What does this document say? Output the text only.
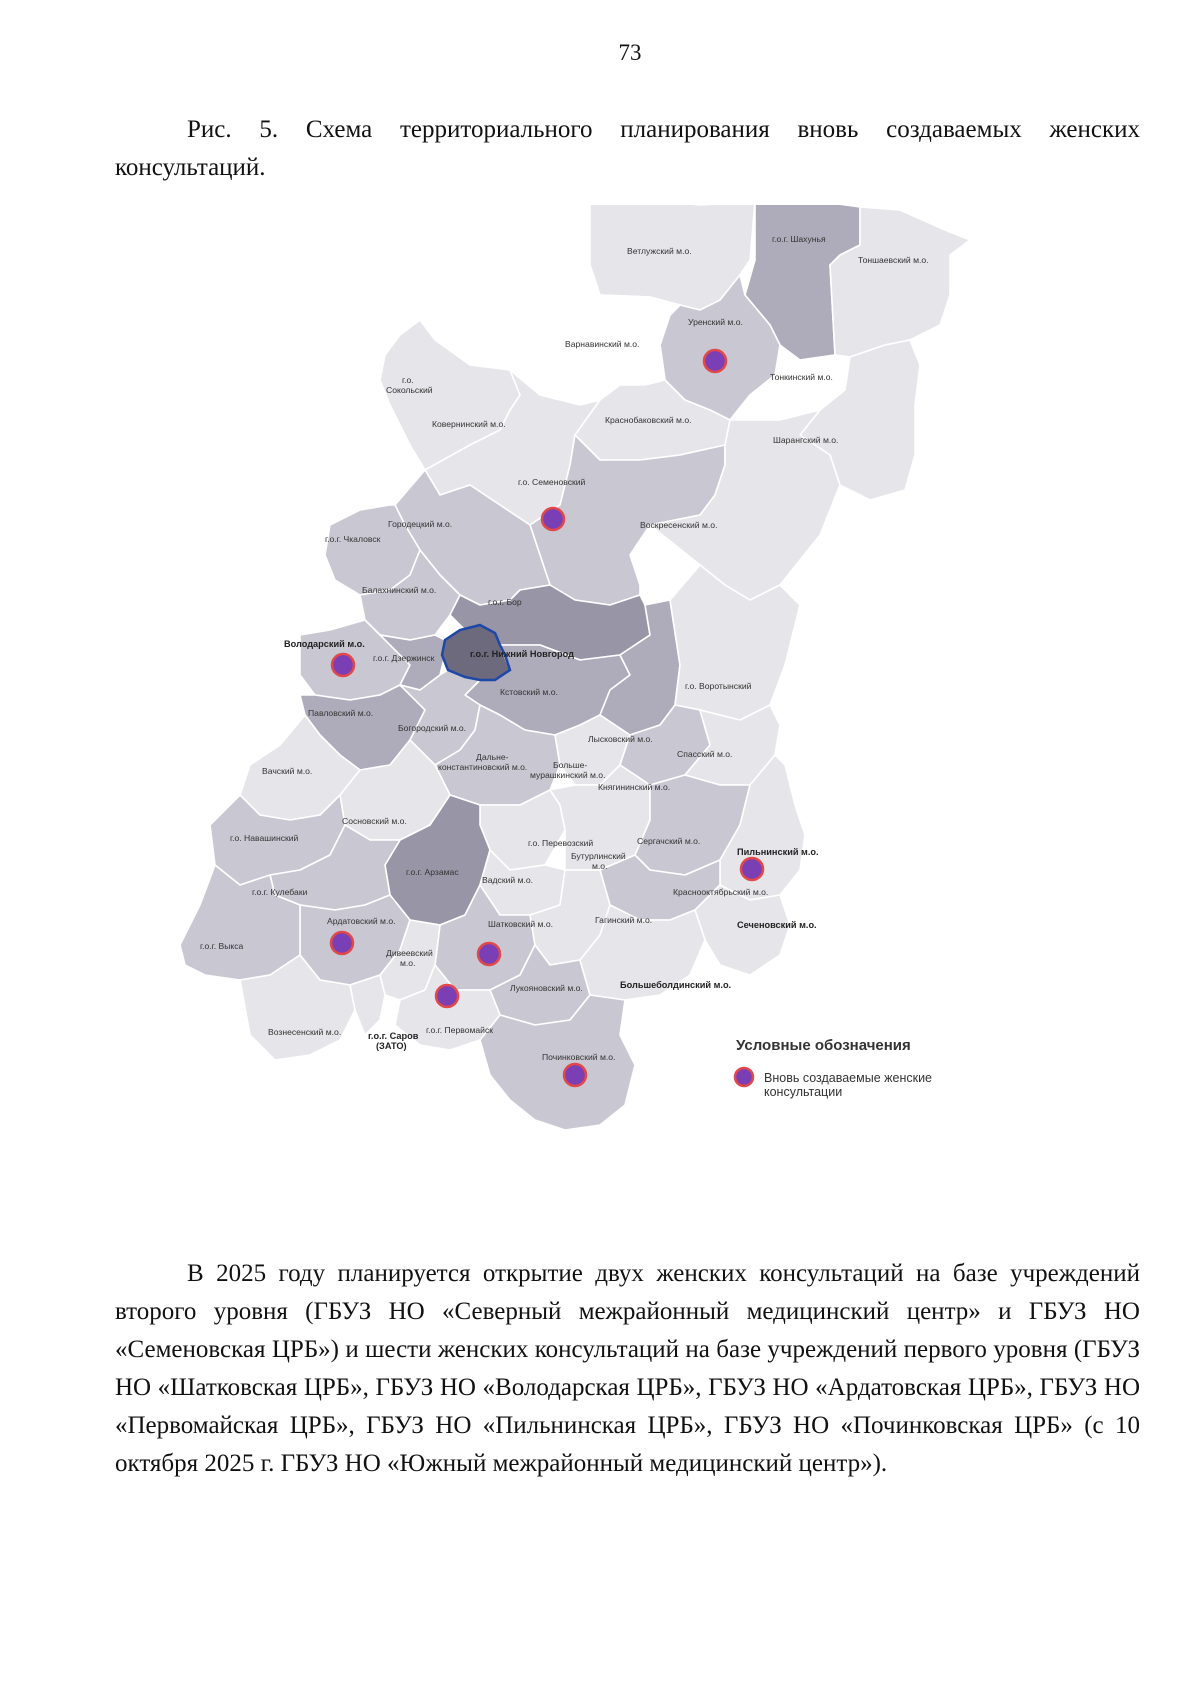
73
Рис. 5. Схема территориального планирования вновь создаваемых женских консультаций.
Ветлужский м.о.
г.о.г. Шахунья
Тоншаевский м.о.
Уренский м.о.
Варнавинский м.о.
Тонкинский м.о.
г.о.
Сокольский
Ковернинский м.о.	Краснобаковский м.о.
Шарангский м.о.
г.о. Семеновский
Воскресенский м.о.
Городецкий м.о.
г.о.г. Чкаловск
Балахнинский м.о.
г.о.г. Бор
Володарский м.о.
г.о.г. Дзержинск	г.о.г. Нижний Новгород
Кстовский м.о.
г.о. Воротынский
Павловский м.о.
Богородский м.о.
Лысковский м.о.
Спасский м.о.
Дальне-
константиновский м.о.	Больше-
мурашкинский м.о.
Княгининский м.о.
Вачский м.о.
Сосновский м.о.
г.о. Навашинский	г.о. Перевозский
Бутурлинский
м.о.
Сергачский м.о.
Пильнинский м.о.
г.о.г. Арзамас
Вадский м.о.
г.о.г. Кулебаки	Краснооктябрьский м.о.
Ардатовский м.о.	Шатковский м.о.	Гагинский м.о.	Сеченовский м.о.
г.о.г. Выкса
Дивеевский
м.о.
Лукояновский м.о.	Большеболдинский м.о.
Вознесенский м.о.	г.о.г. Саров
(ЗАТО)
г.о.г. Первомайск
Починковский м.о.
Условные обозначения
Вновь создаваемые женские
консультации
В 2025 году планируется открытие двух женских консультаций на базе учреждений второго уровня (ГБУЗ НО «Северный межрайонный медицинский центр» и ГБУЗ НО «Семеновская ЦРБ») и шести женских консультаций на базе учреждений первого уровня (ГБУЗ НО «Шатковская ЦРБ», ГБУЗ НО «Володарская ЦРБ», ГБУЗ НО «Ардатовская ЦРБ», ГБУЗ НО «Первомайская ЦРБ», ГБУЗ НО «Пильнинская ЦРБ», ГБУЗ НО «Починковская ЦРБ» (с 10 октября 2025 г. ГБУЗ НО «Южный межрайонный медицинский центр»).
